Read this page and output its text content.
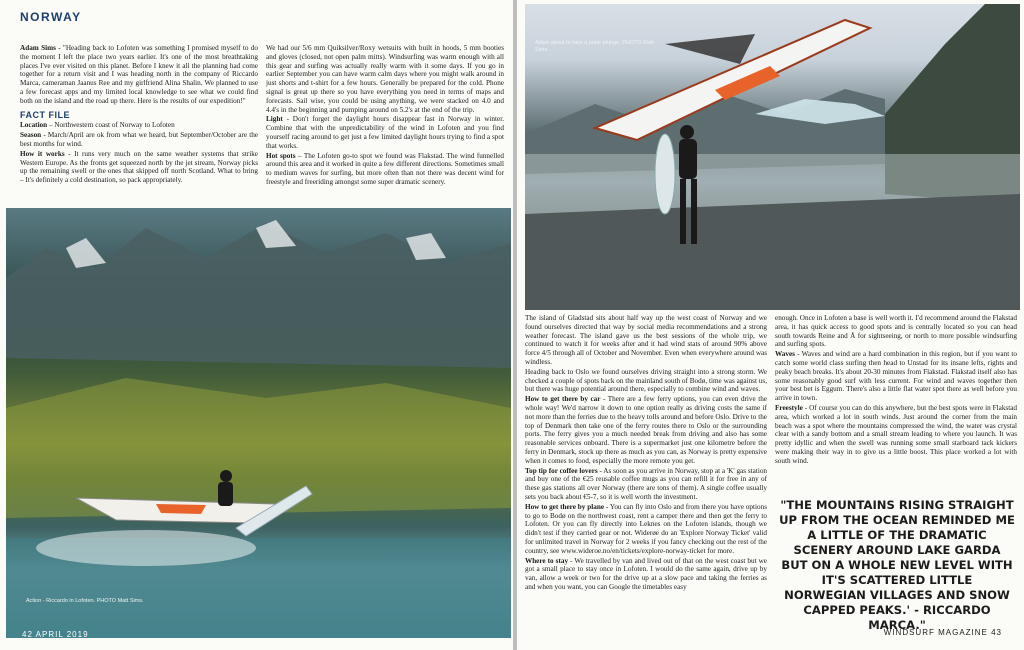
NORWAY

Adam Sims - "Heading back to Lofoten was something I promised myself to do the moment I left the place two years earlier. It's one of the most breathtaking places I've ever visited on this planet. Before I knew it all the planning had come together for a return visit and I was heading north in the company of Riccardo Marca, cameraman Jaanus Ree and my girlfriend Alina Shalin. We planned to use a few forecast apps and my limited local knowledge to see what we could find both on the island and the road up there. Here is the results of our expedition!"

FACT FILE

Location – Northwestern coast of Norway to Lofoten

Season - March/April are ok from what we heard, but September/October are the best months for wind.

How it works - It runs very much on the same weather systems that strike Western Europe. As the fronts get squeezed north by the jet stream, Norway picks up the remaining swell or the ones that skipped off north Scotland. What to bring – It's definitely a cold destination, so pack appropriately.

We had our 5/6 mm Quiksilver/Roxy wetsuits with built in hoods, 5 mm booties and gloves (closed, not open palm mitts). Windsurfing was warm enough with all this gear and surfing was actually really warm with it some days. If you go in earlier September you can have warm calm days where you might walk around in just shorts and t-shirt for a few hours. Generally be prepared for the cold. Phone signal is great up there so you have everything you need in terms of maps and forecasts. Sail wise, you could be using anything, we were stacked on 4.0 and 4.4's in the beginning and pumping around on 5.2's at the end of the trip.

Light - Don't forget the daylight hours disappear fast in Norway in winter. Combine that with the unpredictability of the wind in Lofoten and you find yourself racing around to get just a few limited daylight hours trying to find a spot that works.

Hot spots – The Lofoten go-to spot we found was Flakstad. The wind funnelled around this area and it worked in quite a few different directions. Sometimes small to medium waves for surfing, but more often than not there was decent wind for freestyle and freeriding amongst some super dramatic scenery.

Action - Riccardo in Lofoten. PHOTO Matt Sims.
42 APRIL 2019
Adam about to take a polar plunge. PHOTO Matt Sims.

The island of Gladstad sits about half way up the west coast of Norway and we found ourselves directed that way by social media recommendations and a strong weather forecast. The island gave us the best sessions of the whole trip, we continued to watch it for weeks after and it had wind stats of around 90% above force 4/5 through all of October and November. Even when everywhere around was windless.

Heading back to Oslo we found ourselves driving straight into a strong storm. We checked a couple of spots back on the mainland south of Bodø, time was against us, but there was huge potential around there, especially to combine wind and waves.

How to get there by car - There are a few ferry options, you can even drive the whole way! We'd narrow it down to one option really as driving costs the same if not more than the ferries due to the heavy tolls around and before Oslo. Drive to the top of Denmark then take one of the ferry routes there to Oslo or the surrounding ports. The ferry gives you a much needed break from driving and also has some reasonable services onboard. There is a supermarket just one kilometre before the ferry in Denmark, stock up there as much as you can, as Norway is pretty expensive when it comes to food, especially the more remote you get.

Top tip for coffee lovers - As soon as you arrive in Norway, stop at a 'K' gas station and buy one of the €25 reusable coffee mugs as you can refill it for free in any of these gas stations all over Norway (there are tons of them). A single coffee usually sets you back about €5-7, so it is well worth the investment.

How to get there by plane - You can fly into Oslo and from there you have options to go to Bodø on the northwest coast, rent a camper there and then get the ferry to Lofoten. Or you can fly directly into Leknes on the Lofoten islands, though we didn't test if they carried gear or not. Widerøe do an 'Explore Norway Ticket' valid for unlimited travel in Norway for 2 weeks if you fancy checking out the rest of the country, see www.wideroe.no/en/tickets/explore-norway-ticket for more.

Where to stay - We travelled by van and lived out of that on the west coast but we got a small place to stay once in Lofoten. I would do the same again, drive up by van, allow a week or two for the drive up at a slow pace and taking the ferries as and when you want, you can Google the timetables easy

enough. Once in Lofoten a base is well worth it. I'd recommend around the Flakstad area, it has quick access to good spots and is centrally located so you can head south towards Reine and Å for sightseeing, or north to more possible windsurfing and surfing spots.

Waves - Waves and wind are a hard combination in this region, but if you want to catch some world class surfing then head to Unstad for its insane lefts, rights and peaky beach breaks. It's about 20-30 minutes from Flakstad. Flakstad itself also has some reasonably good surf with less current. For wind and waves together then your best bet is Eggum. There's also a little flat water spot there as well before you arrive in town.

Freestyle - Of course you can do this anywhere, but the best spots were in Flakstad area, which worked a lot in south winds. Just around the corner from the main beach was a spot where the mountains compressed the wind, the water was crystal clear with a sandy bottom and a small stream leading to where you launch. It was pretty idyllic and when the swell was running some small starboard tack kickers were making their way in to give us a little boost. This place worked a lot with south wind.

"THE MOUNTAINS RISING STRAIGHT UP FROM THE OCEAN REMINDED ME A LITTLE OF THE DRAMATIC SCENERY AROUND LAKE GARDA BUT ON A WHOLE NEW LEVEL WITH IT'S SCATTERED LITTLE NORWEGIAN VILLAGES AND SNOW CAPPED PEAKS.' - RICCARDO MARCA."
WINDSURF MAGAZINE 43
